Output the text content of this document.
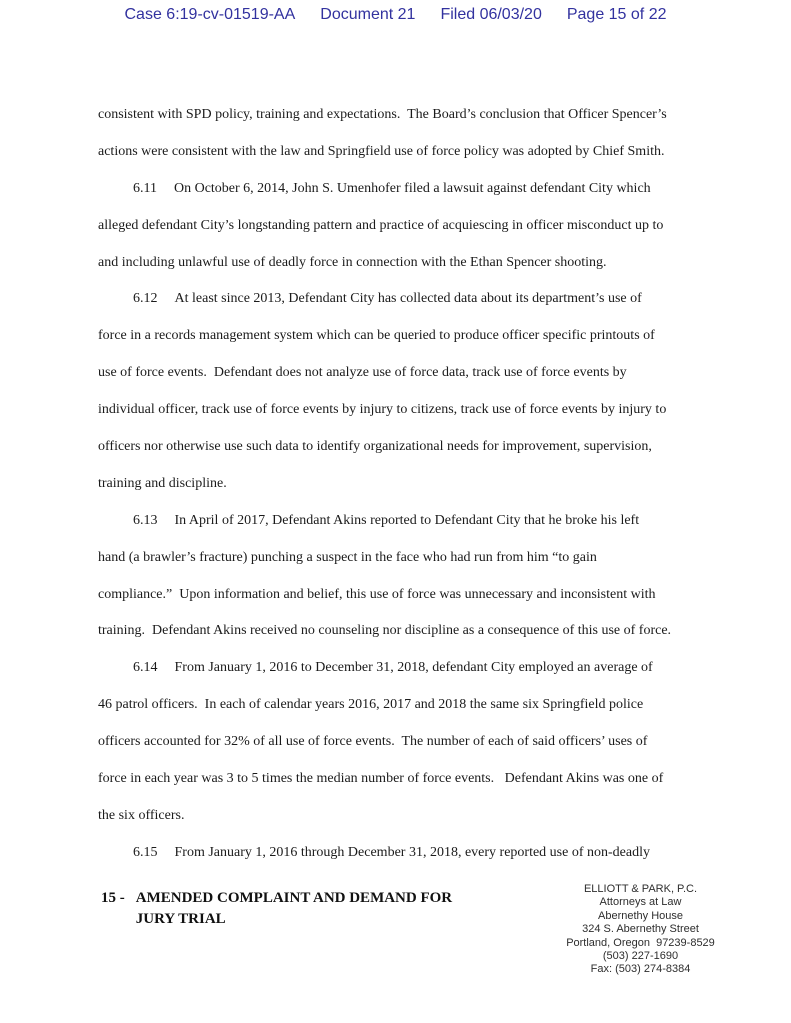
Case 6:19-cv-01519-AA Document 21 Filed 06/03/20 Page 15 of 22
consistent with SPD policy, training and expectations.  The Board’s conclusion that Officer Spencer’s
actions were consistent with the law and Springfield use of force policy was adopted by Chief Smith.
6.11 On October 6, 2014, John S. Umenhofer filed a lawsuit against defendant City which
alleged defendant City’s longstanding pattern and practice of acquiescing in officer misconduct up to
and including unlawful use of deadly force in connection with the Ethan Spencer shooting.
6.12 At least since 2013, Defendant City has collected data about its department’s use of
force in a records management system which can be queried to produce officer specific printouts of
use of force events.  Defendant does not analyze use of force data, track use of force events by
individual officer, track use of force events by injury to citizens, track use of force events by injury to
officers nor otherwise use such data to identify organizational needs for improvement, supervision,
training and discipline.
6.13 In April of 2017, Defendant Akins reported to Defendant City that he broke his left
hand (a brawler’s fracture) punching a suspect in the face who had run from him “to gain
compliance.”  Upon information and belief, this use of force was unnecessary and inconsistent with
training.  Defendant Akins received no counseling nor discipline as a consequence of this use of force.
6.14 From January 1, 2016 to December 31, 2018, defendant City employed an average of
46 patrol officers.  In each of calendar years 2016, 2017 and 2018 the same six Springfield police
officers accounted for 32% of all use of force events.  The number of each of said officers’ uses of
force in each year was 3 to 5 times the median number of force events.   Defendant Akins was one of
the six officers.
6.15 From January 1, 2016 through December 31, 2018, every reported use of non-deadly
15 - AMENDED COMPLAINT AND DEMAND FOR
JURY TRIAL
ELLIOTT & PARK, P.C.
Attorneys at Law
Abernethy House
324 S. Abernethy Street
Portland, Oregon  97239-8529
(503) 227-1690
Fax: (503) 274-8384
